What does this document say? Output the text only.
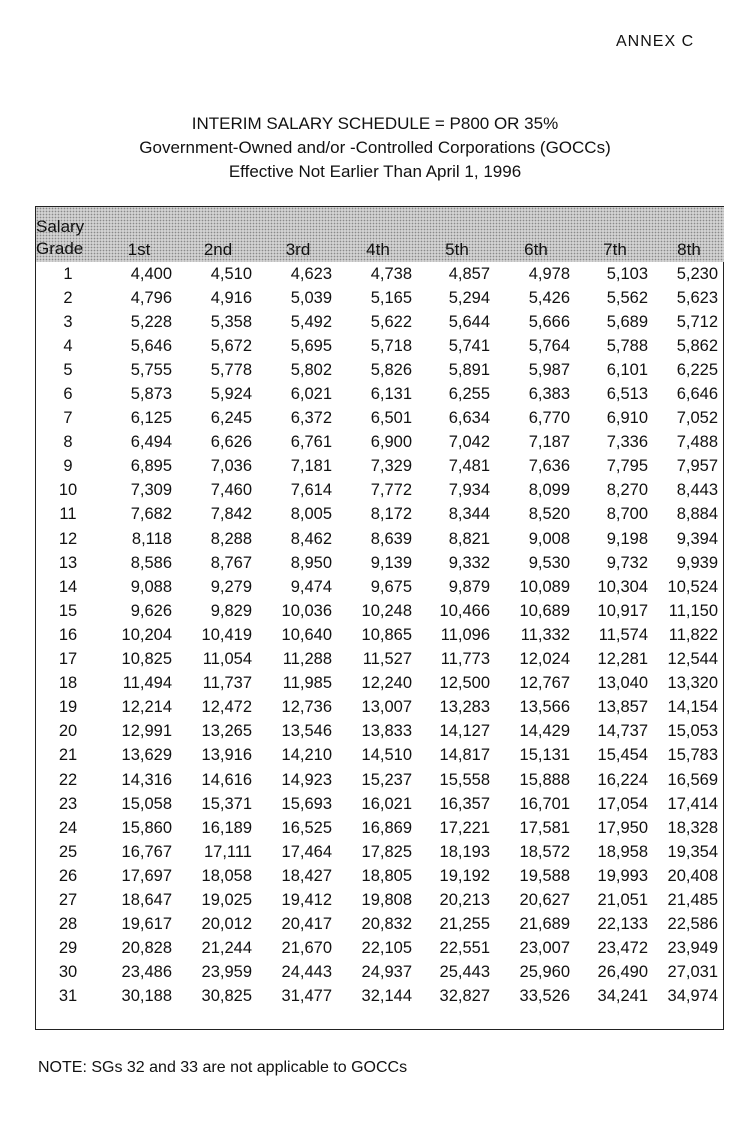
ANNEX C
INTERIM SALARY SCHEDULE = P800 OR 35%
Government-Owned and/or -Controlled Corporations (GOCCs)
Effective Not Earlier Than April 1, 1996
Salary
Grade	1st	2nd	3rd	4th	5th	6th	7th	8th
1	4,400	4,510	4,623	4,738	4,857	4,978	5,103	5,230
2	4,796	4,916	5,039	5,165	5,294	5,426	5,562	5,623
3	5,228	5,358	5,492	5,622	5,644	5,666	5,689	5,712
4	5,646	5,672	5,695	5,718	5,741	5,764	5,788	5,862
5	5,755	5,778	5,802	5,826	5,891	5,987	6,101	6,225
6	5,873	5,924	6,021	6,131	6,255	6,383	6,513	6,646
7	6,125	6,245	6,372	6,501	6,634	6,770	6,910	7,052
8	6,494	6,626	6,761	6,900	7,042	7,187	7,336	7,488
9	6,895	7,036	7,181	7,329	7,481	7,636	7,795	7,957
10	7,309	7,460	7,614	7,772	7,934	8,099	8,270	8,443
11	7,682	7,842	8,005	8,172	8,344	8,520	8,700	8,884
12	8,118	8,288	8,462	8,639	8,821	9,008	9,198	9,394
13	8,586	8,767	8,950	9,139	9,332	9,530	9,732	9,939
14	9,088	9,279	9,474	9,675	9,879	10,089	10,304	10,524
15	9,626	9,829	10,036	10,248	10,466	10,689	10,917	11,150
16	10,204	10,419	10,640	10,865	11,096	11,332	11,574	11,822
17	10,825	11,054	11,288	11,527	11,773	12,024	12,281	12,544
18	11,494	11,737	11,985	12,240	12,500	12,767	13,040	13,320
19	12,214	12,472	12,736	13,007	13,283	13,566	13,857	14,154
20	12,991	13,265	13,546	13,833	14,127	14,429	14,737	15,053
21	13,629	13,916	14,210	14,510	14,817	15,131	15,454	15,783
22	14,316	14,616	14,923	15,237	15,558	15,888	16,224	16,569
23	15,058	15,371	15,693	16,021	16,357	16,701	17,054	17,414
24	15,860	16,189	16,525	16,869	17,221	17,581	17,950	18,328
25	16,767	17,111	17,464	17,825	18,193	18,572	18,958	19,354
26	17,697	18,058	18,427	18,805	19,192	19,588	19,993	20,408
27	18,647	19,025	19,412	19,808	20,213	20,627	21,051	21,485
28	19,617	20,012	20,417	20,832	21,255	21,689	22,133	22,586
29	20,828	21,244	21,670	22,105	22,551	23,007	23,472	23,949
30	23,486	23,959	24,443	24,937	25,443	25,960	26,490	27,031
31	30,188	30,825	31,477	32,144	32,827	33,526	34,241	34,974
NOTE: SGs 32 and 33 are not applicable to GOCCs
